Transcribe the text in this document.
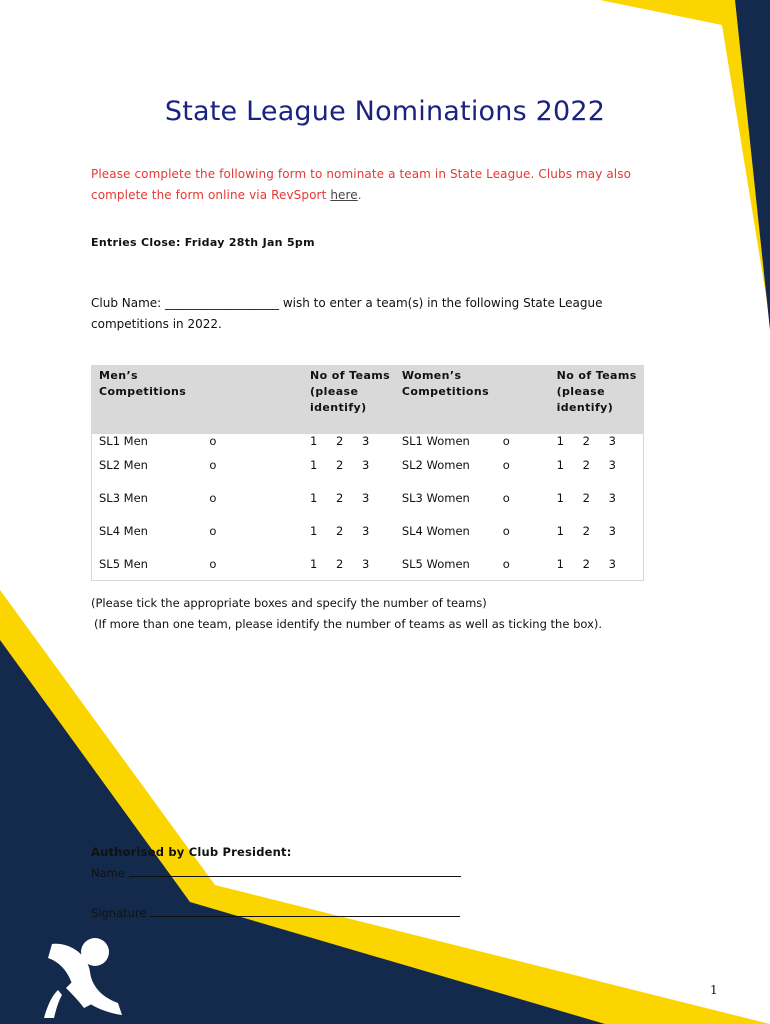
State League Nominations 2022
Please complete the following form to nominate a team in State League. Clubs may also complete the form online via RevSport here.
Entries Close: Friday 28th Jan 5pm
Club Name: ___________________ wish to enter a team(s) in the following State League competitions in 2022.
Men’s Competitions		No of Teams (please identify)	Women’s Competitions		No of Teams (please identify)
SL1 Men	o	1 2 3	SL1 Women	o	1 2 3
SL2 Men	o	1 2 3	SL2 Women	o	1 2 3
SL3 Men	o	1 2 3	SL3 Women	o	1 2 3
SL4 Men	o	1 2 3	SL4 Women	o	1 2 3
SL5 Men	o	1 2 3	SL5 Women	o	1 2 3
(Please tick the appropriate boxes and specify the number of teams)
(If more than one team, please identify the number of teams as well as ticking the box).
Authorised by Club President:
Name
Signature
1
